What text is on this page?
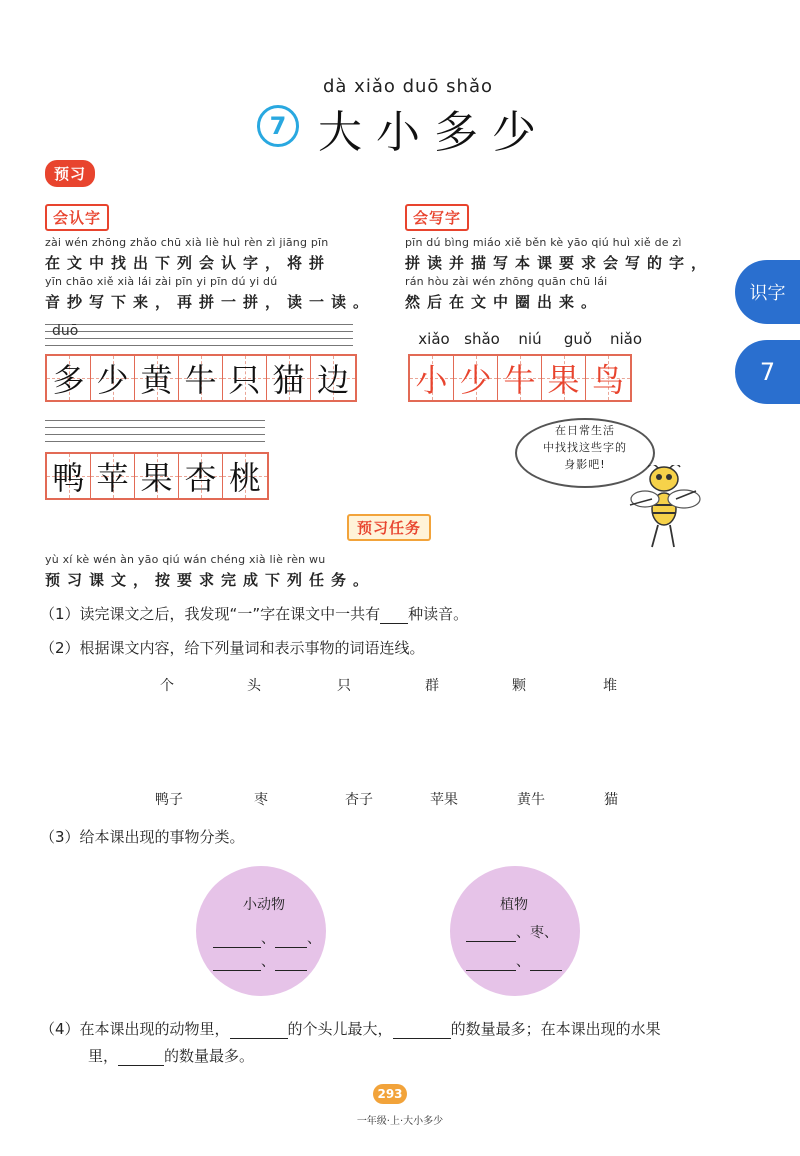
dà xiǎo duō shǎo
7 大小多少
预习
会认字
zài wén zhōng zhǎo chū xià liè huì rèn zì jiāng pīn
在文中找出下列会认字，将拼
yīn chāo xiě xià lái zài pīn yi pīn dú yi dú
音抄写下来，再拼一拼，读一读。
duō
多 少 黄 牛 只 猫 边
鸭 苹 果 杏 桃
会写字
pīn dú bìng miáo xiě běn kè yāo qiú huì xiě de zì
拼读并描写本课要求会写的字，
rán hòu zài wén zhōng quān chū lái
然后在文中圈出来。
xiǎo shǎo	niú	guǒ	niǎo
小 少 牛 果 鸟
在日常生活
中找找这些字的
身影吧!
识字
7
预习任务
yù xí kè wén àn yāo qiú wán chéng xià liè rèn wu
预习课文，按要求完成下列任务。
（1）读完课文之后，我发现“一”字在课文中一共有 种读音。
（2）根据课文内容，给下列量词和表示事物的词语连线。
个	头	只	群	颗	堆
鸭子	枣	杏子	苹果	黄牛	猫
（3）给本课出现的事物分类。
小动物
、 、
、
植物
、枣、
、
（4）在本课出现的动物里，	的个头儿最大，	的数量最多；在本课出现的水果
里，	的数量最多。
293
一年级·上·大小多少
